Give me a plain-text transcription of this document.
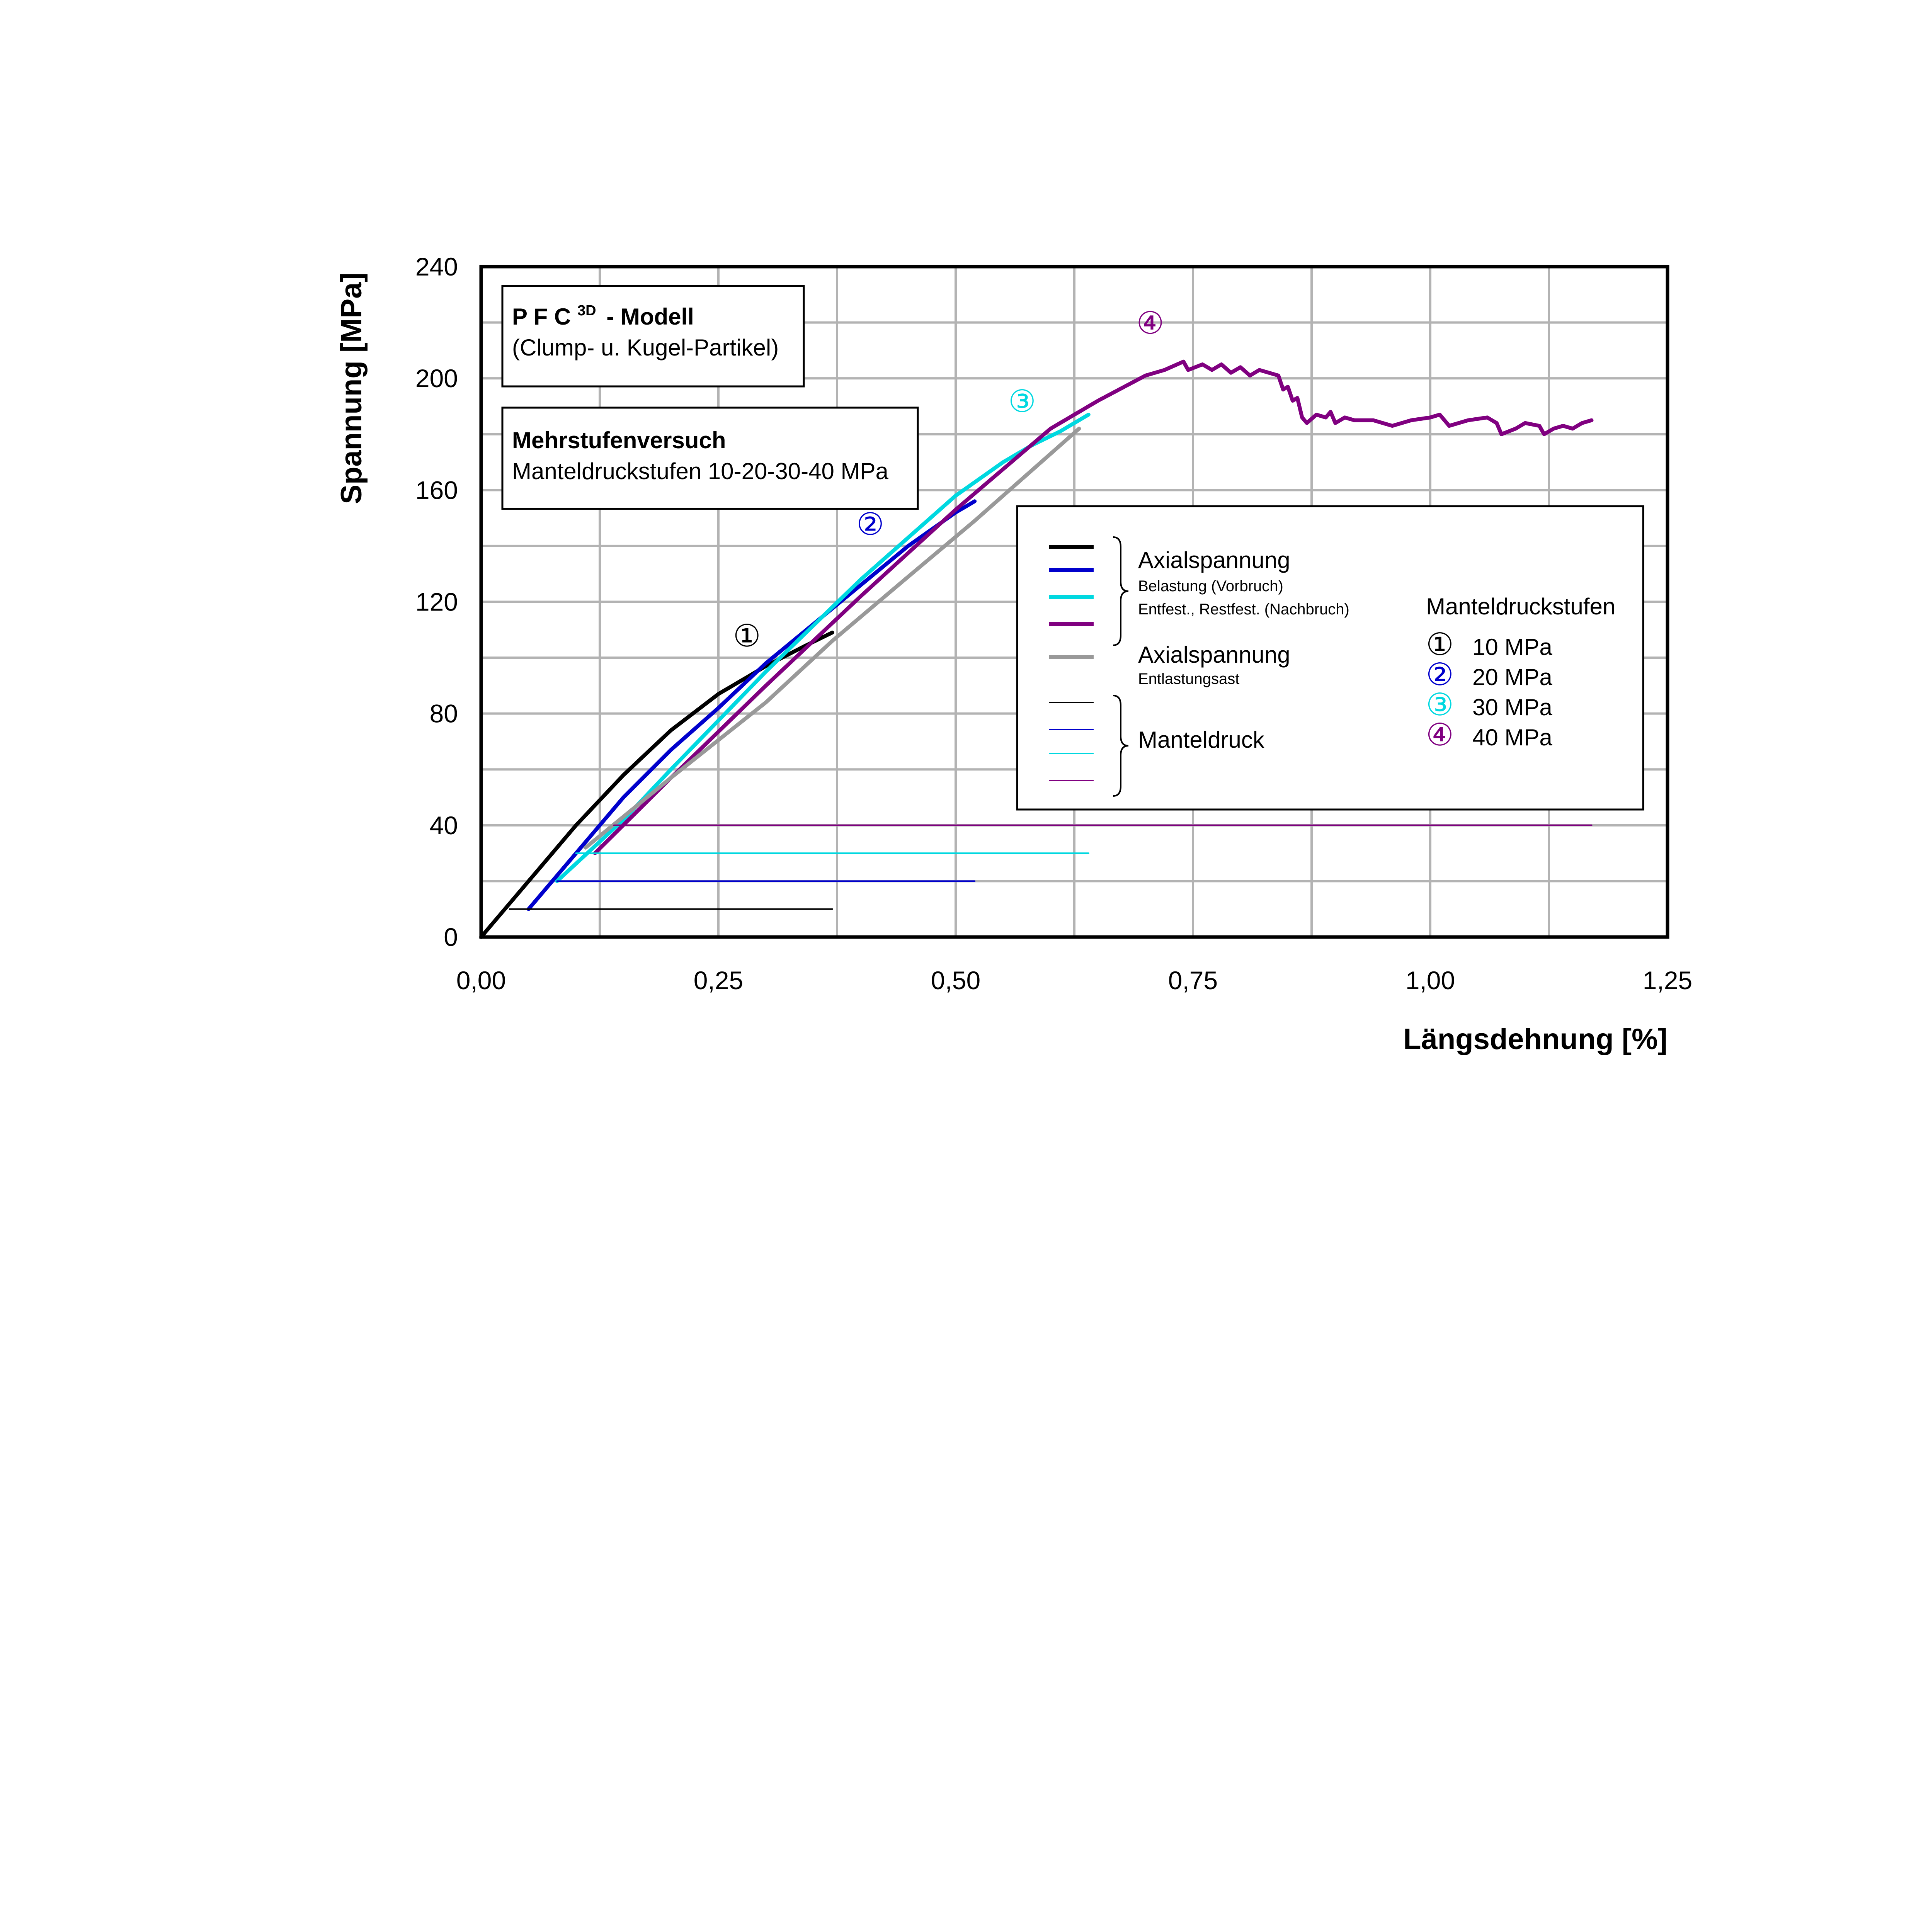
0,00	0,25	0,50	0,75	1,00	1,25
0
40
80
120
160
200
240
Längsdehnung [%]
Spannung [MPa]	P F C $^{3D}$ - Modell
(Clump- u. Kugel-Partikel)
Mehrstufenversuch
Manteldruckstufen 10-20-30-40 MPa
Axialspannung
Belastung (Vorbruch)
Entfest., Restfest. (Nachbruch)
Axialspannung
Entlastungsast
Manteldruck
Manteldruckstufen
① 10 MPa
② 20 MPa
③ 30 MPa
④ 40 MPa
①
②
③
④
